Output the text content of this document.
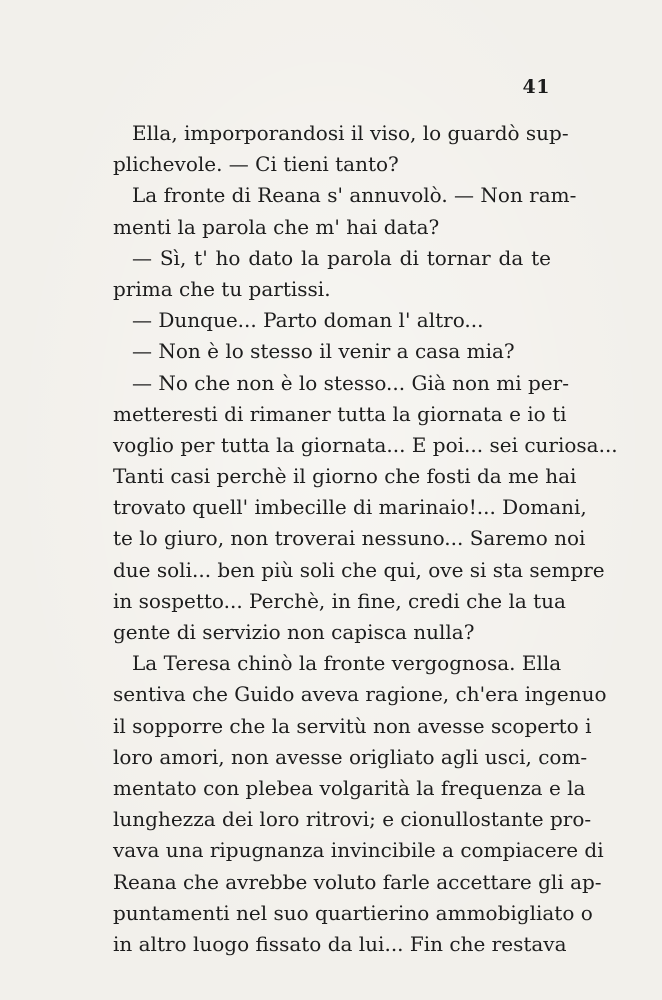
41
Ella, imporporandosi il viso, lo guardò sup-
plichevole. — Ci tieni tanto?
La fronte di Reana s' annuvolò. — Non ram-
menti la parola che m' hai data?
— Sì, t' ho dato la parola di tornar da te
prima che tu partissi.
— Dunque... Parto doman l' altro...
— Non è lo stesso il venir a casa mia?
— No che non è lo stesso... Già non mi per-
metteresti di rimaner tutta la giornata e io ti
voglio per tutta la giornata... E poi... sei curiosa...
Tanti casi perchè il giorno che fosti da me hai
trovato quell' imbecille di marinaio!... Domani,
te lo giuro, non troverai nessuno... Saremo noi
due soli... ben più soli che qui, ove si sta sempre
in sospetto... Perchè, in fine, credi che la tua
gente di servizio non capisca nulla?
La Teresa chinò la fronte vergognosa. Ella
sentiva che Guido aveva ragione, ch'era ingenuo
il sopporre che la servitù non avesse scoperto i
loro amori, non avesse origliato agli usci, com-
mentato con plebea volgarità la frequenza e la
lunghezza dei loro ritrovi; e cionullostante pro-
vava una ripugnanza invincibile a compiacere di
Reana che avrebbe voluto farle accettare gli ap-
puntamenti nel suo quartierino ammobigliato o
in altro luogo fissato da lui... Fin che restava
